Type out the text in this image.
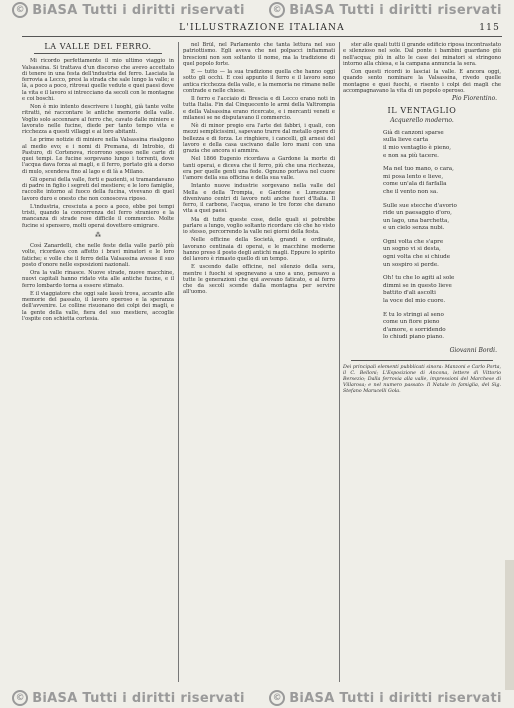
© BiASA Tutti i diritti riservati	© BiASA Tutti i diritti riservati
L'ILLUSTRAZIONE ITALIANA	115
LA VALLE DEL FERRO.

Mi ricordo perfettamente il mio ultimo viaggio in Valsassina. Si trattava d'un discorso che avevo accettato di tenere in una festa dell'industria del ferro. Lasciata la ferrovia a Lecco, presi la strada che sale lungo la valle; e là, a poco a poco, ritrovai quelle vedute e quei paesi dove la vita e il lavoro si intrecciano da secoli con le montagne e coi boschi.

Non è mio intento descrivere i luoghi, già tante volte ritratti, né raccontare le antiche memorie della valle. Voglio solo accennare al ferro che, cavato dalle miniere e lavorato nelle fucine, diede per tanto tempo vita e ricchezza a questi villaggi e ai loro abitanti.

Le prime notizie di miniere nella Valsassina risalgono al medio evo; e i nomi di Premana, di Introbio, di Pasturo, di Cortenova, ricorrono spesso nelle carte di quei tempi. Le fucine sorgevano lungo i torrenti, dove l'acqua dava forza ai magli, e il ferro, portato giù a dorso di mulo, scendeva fino al lago e di là a Milano.

Gli operai della valle, forti e pazienti, si tramandavano di padre in figlio i segreti del mestiere; e le loro famiglie, raccolte intorno al fuoco della fucina, vivevano di quel lavoro duro e onesto che non conosceva riposo.

L'industria, cresciuta a poco a poco, ebbe poi tempi tristi, quando la concorrenza del ferro straniero e la mancanza di strade rese difficile il commercio. Molte fucine si spensero, molti operai dovettero emigrare.

⁂

Così Zanardelli, che nelle feste della valle parlò più volte, ricordava con affetto i bravi minatori e le loro fatiche; e volle che il ferro della Valsassina avesse il suo posto d'onore nelle esposizioni nazionali.

Ora la valle rinasce. Nuove strade, nuove macchine, nuovi capitali hanno ridato vita alle antiche fucine, e il ferro lombardo torna a essere stimato.

E il viaggiatore che oggi sale lassù trova, accanto alle memorie del passato, il lavoro operoso e la speranza dell'avvenire. Le colline risuonano dei colpi dei magli, e la gente della valle, fiera del suo mestiere, accoglie l'ospite con schietta cortesia.

nel Brûl, nel Parlamento che tanta lettura nel suo patriottismo. Egli aveva che nei polpacci infiammati brescioni non son soltanto il nome, ma la tradizione di quel popolo forte.

E — tutto — la sua tradizione quella che hanno oggi sotto gli occhi. E così appunto il ferro e il lavoro sono antica ricchezza della valle, e la memoria ne rimane nelle contrade e nelle chiese.

Il ferro e l'acciaio di Brescia e di Lecco erano noti in tutta Italia. Fin dal Cinquecento le armi della Valtrompia e della Valsassina erano ricercate, e i mercanti veneti e milanesi se ne disputavano il commercio.

Nè di minor pregio era l'arte dei fabbri, i quali, con mezzi semplicissimi, sapevano trarre dal metallo opere di bellezza e di forza. Le ringhiere, i cancelli, gli arnesi del lavoro e della casa uscivano dalle loro mani con una grazia che ancora si ammira.

Nel 1866 Eugenio ricordava a Gardone la morte di tanti operai, e diceva che il ferro, più che una ricchezza, era per quelle genti una fede. Ognuno portava nel cuore l'amore della sua officina e della sua valle.

Intanto nuove industrie sorgevano nella valle del Mella e della Trompia, e Gardone e Lumezzane divenivano centri di lavoro noti anche fuori d'Italia. Il ferro, il carbone, l'acqua, erano le tre forze che davano vita a quei paesi.

Ma di tutte queste cose, delle quali si potrebbe parlare a lungo, voglio soltanto ricordare ciò che ho visto io stesso, percorrendo la valle nei giorni della festa.

Nelle officine della Società, grandi e ordinate, lavorano centinaia di operai, e le macchine moderne hanno preso il posto degli antichi magli. Eppure lo spirito del lavoro è rimasto quello di un tempo.

E uscendo dalle officine, nel silenzio della sera, mentre i fuochi si spegnevano a uno a uno, pensavo a tutte le generazioni che qui avevano faticato, e al ferro che da secoli scende dalla montagna per servire all'uomo.

ster alle quali tutti il grande edificio riposa incontrastato e silenzioso nel sole. Dal ponte i bambini guardano giù nell'acqua; più in alto le case dei minatori si stringono intorno alla chiesa, e la campana annuncia la sera.

Con questi ricordi io lasciai la valle. E ancora oggi, quando sento nominare la Valsassina, rivedo quelle montagne e quei fuochi, e risento i colpi dei magli che accompagnavano la vita di un popolo operoso.

Pio Fiorentino.
IL VENTAGLIO
Acquerello moderno.
Già di canzoni sparse
sulla lieve carta
il mio ventaglio è pieno,
e non sa più tacere.
Ma nel tuo mano, o cara,
mi posa lento e lieve,
come un'ala di farfalla
che il vento non sa.
Sulle sue stecche d'avorio
ride un paesaggio d'oro,
un lago, una barchetta,
e un cielo senza nubi.
Ogni volta che s'apre
un sogno vi si desta,
ogni volta che si chiude
un sospiro si perde.
Oh! tu che lo agiti al sole
dimmi se in questo lieve
battito d'ali ascolti
la voce del mio cuore.
E tu lo stringi al seno
come un fiore pieno
d'amore, e sorridendo
lo chiudi piano piano.
Giovanni Bordi.
Dei principali elementi pubblicati sinora: Manzoni e Carlo Porta, il C. Belloni; L'Esposizione di Ancona, lettere di Vittorio Bersezio; Dalla ferrovia alla valle, impressioni del Marchese di Villarosa; e nel numero passato: Il Natale in famiglia, del Sig. Stefano Marucelli Gola.
© BiASA Tutti i diritti riservati	© BiASA Tutti i diritti riservati
